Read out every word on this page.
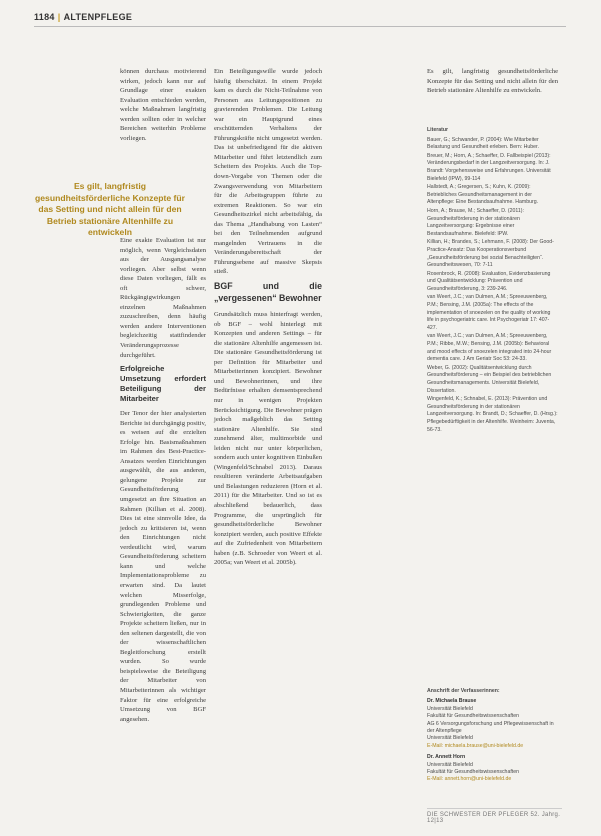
1184 | ALTENPFLEGE

können durchaus motivierend wirken, jedoch kann nur auf Grundlage einer exakten Evaluation entschieden werden, welche Maßnahmen langfristig werden sollten oder in welcher Bereichen weiterhin Probleme vorliegen.

Es gilt, langfristig gesundheitsförderliche Konzepte für das Setting und nicht allein für den Betrieb stationäre Altenhilfe zu entwickeln

Eine exakte Evaluation ist nur möglich, wenn Vergleichsdaten aus der Ausgangsanalyse vorliegen. Aber selbst wenn diese Daten vorliegen, fällt es oft schwer, Rückgängigwirkungen einzelnen Maßnahmen zuzuschreiben, denn häufig werden andere Interventionen begleichzeitig stattfindender Veränderungsprozesse durchgeführt.

Erfolgreiche Umsetzung erfordert Beteiligung der Mitarbeiter

Der Tenor der hier analysierten Berichte ist durchgängig positiv, es weisen auf die erzielten Erfolge hin. Basismaßnahmen im Rahmen des Best-Practice-Ansatzes werden Einrichtungen ausgewählt, die aus anderen, gelungene Projekte zur Gesundheitsförderung umgesetzt an ihre Situation an Rahmen (Killian et al. 2008). Dies ist eine sinnvolle Idee, da jedoch zu kritisieren ist, wenn den Einrichtungen nicht verdeutlicht wird, warum Gesundheitsförderung scheitern kann und welche Implementationsprobleme zu erwarten sind. Da lautet welchen Misserfolge, grundlegenden Probleme und Schwierigkeiten, die ganze Projekte scheitern ließen, nur in den seltenen dargestellt, die von der wissenschaftlichen Begleitforschung erstellt wurden. So wurde beispielsweise die Beteiligung der Mitarbeiter von Mitarbeiterinnen als wichtiger Faktor für eine erfolgreiche Umsetzung von BGF angesehen.

Ein Beteiligungswille wurde jedoch häufig überschätzt. In einem Projekt kam es durch die Nicht-Teilnahme von Personen aus Leitungspositionen zu gravierenden Problemen. Die Leitung war ein Hauptgrund eines erschütternden Verhaltens der Führungskräfte nicht umgesetzt werden. Das ist unbefriedigend für die aktiven Mitarbeiter und führt letztendlich zum Scheitern des Projekts. Auch die Top-down-Vorgabe von Themen oder die Zwangsverwendung von Mitarbeitern für die Arbeitsgruppen führte zu extremen Reaktionen. So war ein Gesundheitszirkel nicht arbeitsfähig, da das Thema „Handhabung von Lasten“ bei den Teilnehmenden aufgrund mangelnden Vertrauens in die Veränderungsbereitschaft der Führungsebene auf massive Skepsis stieß.

BGF und die „vergessenen“ Bewohner

Grundsätzlich muss hinterfragt werden, ob BGF – wohl hinterlegt mit Konzepten und anderen Settings – für die stationäre Altenhilfe angemessen ist. Die stationäre Gesundheitsförderung ist per Definition für Mitarbeiter und Mitarbeiterinnen konzipiert. Bewohner und Bewohnerinnen, und ihre Bedürfnisse erhalten demsentsprechend nur in wenigen Projekten Berücksichtigung. Die Bewohner prägen jedoch maßgeblich das Setting stationäre Altenhilfe. Sie sind zunehmend älter, multimorbide und leiden nicht nur unter körperlichen, sondern auch unter kognitiven Einbußen (Wingenfeld/Schnabel 2013). Daraus resultieren veränderte Arbeitsaufgaben und Belastungen reduzieren (Horn et al. 2011) für die Mitarbeiter. Und so ist es abschließend bedauerlich, dass Programme, die ursprünglich für gesundheitsförderliche Bewohner konzipiert werden, auch positive Effekte auf die Zufriedenheit von Mitarbeitern haben (z.B. Schroeder von Weert et al. 2005a; van Weert et al. 2005b).

Es gilt, langfristig gesundheitsförderliche Konzepte für das Setting und nicht allein für den Betrieb stationäre Altenhilfe zu entwickeln.

Literatur

Bauer, G.; Schwander, P. (2004): Wie Mitarbeiter Belastung und Gesundheit erleben. Bern: Huber.

Breuer, M.; Horn, A.; Schaeffer, D. Fallbeispiel (2013): Veränderungsbedarf in der Langzeitversorgung. In: J. Brandt: Vorgehensweise und Erfahrungen. Universität Bielefeld (IPW), 99-114

Hallstedt, A.; Gregersen, S.; Kuhn, K. (2009): Betriebliches Gesundheitsmanagement in der Altenpflege: Eine Bestandsaufnahme. Hamburg.

Horn, A.; Brause, M.; Schaeffer, D. (2011): Gesundheitsförderung in der stationären Langzeitversorgung: Ergebnisse einer Bestandsaufnahme. Bielefeld: IPW.

Killian, H.; Brandes, S.; Lehmann, F. (2008): Der Good-Practice-Ansatz: Das Kooperationsverbund „Gesundheitsförderung bei sozial Benachteiligten“. Gesundheitswesen, 70: 7-11

Rosenbrock, R. (2008): Evaluation, Evidenzbasierung und Qualitätsentwicklung: Prävention und Gesundheitsförderung, 3: 239-246.

van Weert, J.C.; van Dulmen, A.M.; Spreeuwenberg, P.M.; Bensing, J.M. (2005a): The effects of the implementation of snoezelen on the quality of working life in psychogeriatric care. Int Psychogeriatr 17: 407-427.

van Weert, J.C.; van Dulmen, A.M.; Spreeuwenberg, P.M.; Ribbe, M.W.; Bensing, J.M. (2005b): Behavioral and mood effects of snoezelen integrated into 24-hour dementia care. J Am Geriatr Soc 53: 24-33.

Weber, G. (2002): Qualitätsentwicklung durch Gesundheitsförderung – ein Beispiel des betrieblichen Gesundheitsmanagements. Universität Bielefeld, Dissertation.

Wingenfeld, K.; Schnabel, E. (2013): Prävention und Gesundheitsförderung in der stationären Langzeitversorgung. In: Brandt, D.; Schaeffer, D. (Hrsg.): Pflegebedürftigkeit in der Altenhilfe. Weinheim: Juventa, 56-73.

Anschrift der Verfasserinnen:

Dr. Michaela Brause

Universität Bielefeld

Fakultät für Gesundheitswissenschaften

AG 6 Versorgungsforschung und Pflegewissenschaft in der Altenpflege

Universität Bielefeld

E-Mail: michaela.brause@uni-bielefeld.de

Dr. Annett Horn

Universität Bielefeld

Fakultät für Gesundheitswissenschaften

E-Mail: annett.horn@uni-bielefeld.de

DIE SCHWESTER DER PFLEGER 52. Jahrg. 12|13
